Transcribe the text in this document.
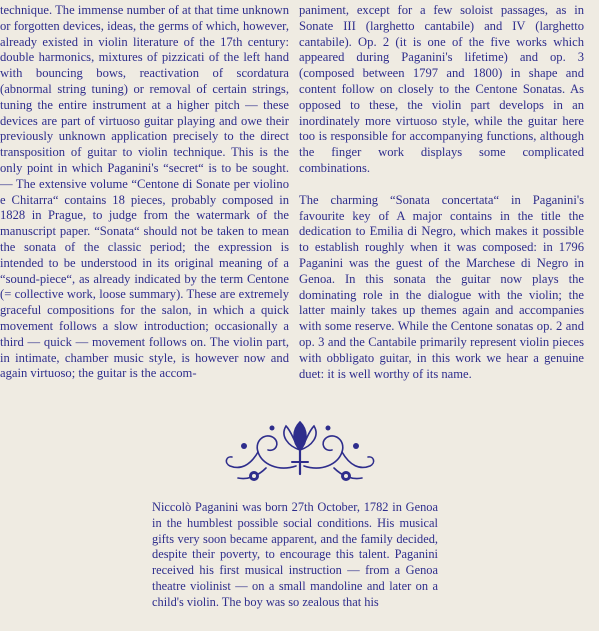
technique. The immense number of at that time unknown or forgotten devices, ideas, the germs of which, however, already existed in violin literature of the 17th century: double harmonics, mixtures of pizzicati of the left hand with bouncing bows, reactivation of scordatura (abnormal string tuning) or removal of certain strings, tuning the entire instrument at a higher pitch — these devices are part of virtuoso guitar playing and owe their previously unknown application precisely to the direct transposition of guitar to violin technique. This is the only point in which Paganini's “secret“ is to be sought. — The extensive volume “Centone di Sonate per violino e Chitarra“ contains 18 pieces, probably composed in 1828 in Prague, to judge from the watermark of the manuscript paper. “Sonata“ should not be taken to mean the sonata of the classic period; the expression is intended to be understood in its original meaning of a “sound-piece“, as already indicated by the term Centone (= collective work, loose summary). These are extremely graceful compositions for the salon, in which a quick movement follows a slow introduction; occasionally a third — quick — movement follows on. The violin part, in intimate, chamber music style, is however now and again virtuoso; the guitar is the accom-

paniment, except for a few soloist passages, as in Sonate III (larghetto cantabile) and IV (larghetto cantabile). Op. 2 (it is one of the five works which appeared during Paganini's lifetime) and op. 3 (composed between 1797 and 1800) in shape and content follow on closely to the Centone Sonatas. As opposed to these, the violin part develops in an inordinately more virtuoso style, while the guitar here too is responsible for accompanying functions, although the finger work displays some complicated combinations.

The charming “Sonata concertata“ in Paganini's favourite key of A major contains in the title the dedication to Emilia di Negro, which makes it possible to establish roughly when it was composed: in 1796 Paganini was the guest of the Marchese di Negro in Genoa. In this sonata the guitar now plays the dominating role in the dialogue with the violin; the latter mainly takes up themes again and accompanies with some reserve. While the Centone sonatas op. 2 and op. 3 and the Cantabile primarily represent violin pieces with obbligato guitar, in this work we hear a genuine duet: it is well worthy of its name.

Niccolò Paganini was born 27th October, 1782 in Genoa in the humblest possible social conditions. His musical gifts very soon became apparent, and the family decided, despite their poverty, to encourage this talent. Paganini received his first musical instruction — from a Genoa theatre violinist — on a small mandoline and later on a child's violin. The boy was so zealous that his
